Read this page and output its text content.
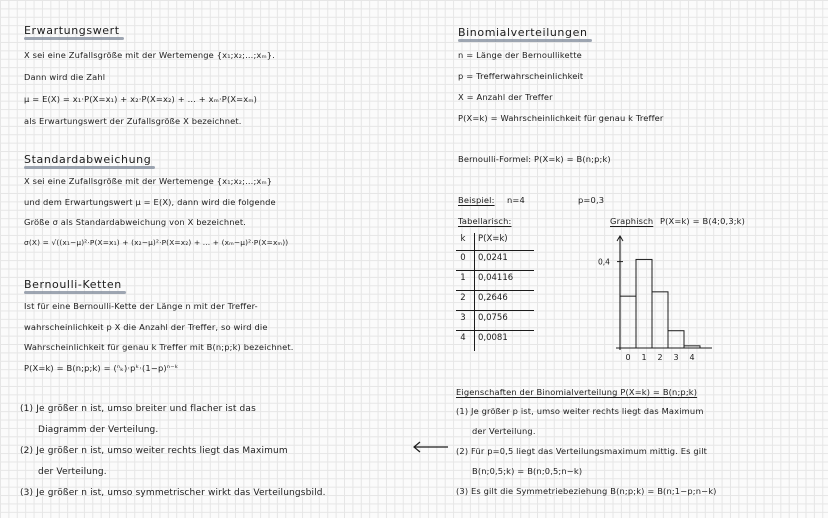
Erwartungswert
X sei eine Zufallsgröße mit der Wertemenge {x₁;x₂;...;xₘ}.
Dann wird die Zahl
μ = E(X) = x₁·P(X=x₁) + x₂·P(X=x₂) + ... + xₘ·P(X=xₘ)
als Erwartungswert der Zufallsgröße X bezeichnet.
Standardabweichung
X sei eine Zufallsgröße mit der Wertemenge {x₁;x₂;...;xₘ}
und dem Erwartungswert μ = E(X), dann wird die folgende
Größe σ als Standardabweichung von X bezeichnet.
σ(X) = √((x₁−μ)²·P(X=x₁) + (x₂−μ)²·P(X=x₂) + ... + (xₘ−μ)²·P(X=xₘ))
Bernoulli-Ketten
Ist für eine Bernoulli-Kette der Länge n mit der Treffer-
wahrscheinlichkeit p X die Anzahl der Treffer, so wird die
Wahrscheinlichkeit für genau k Treffer mit B(n;p;k) bezeichnet.
P(X=k) = B(n;p;k) = (ⁿₖ)·pᵏ·(1−p)ⁿ⁻ᵏ
(1) Je größer n ist, umso breiter und flacher ist das
Diagramm der Verteilung.
(2) Je größer n ist, umso weiter rechts liegt das Maximum
der Verteilung.
(3) Je größer n ist, umso symmetrischer wirkt das Verteilungsbild.
Binomialverteilungen
n = Länge der Bernoullikette
p = Trefferwahrscheinlichkeit
X = Anzahl der Treffer
P(X=k) = Wahrscheinlichkeit für genau k Treffer
Bernoulli-Formel: P(X=k) = B(n;p;k)
Beispiel: n=4	p=0,3
Tabellarisch:	Graphisch P(X=k) = B(4;0,3;k)
k	P(X=k)
0	0,0241
1	0,04116
2	0,2646
3	0,0756
4	0,0081
0 1 2 3 4
0,4
Eigenschaften der Binomialverteilung P(X=k) = B(n;p;k)
(1) Je größer p ist, umso weiter rechts liegt das Maximum
der Verteilung.
(2) Für p=0,5 liegt das Verteilungsmaximum mittig. Es gilt
B(n;0,5;k) = B(n;0,5;n−k)
(3) Es gilt die Symmetriebeziehung B(n;p;k) = B(n;1−p;n−k)
